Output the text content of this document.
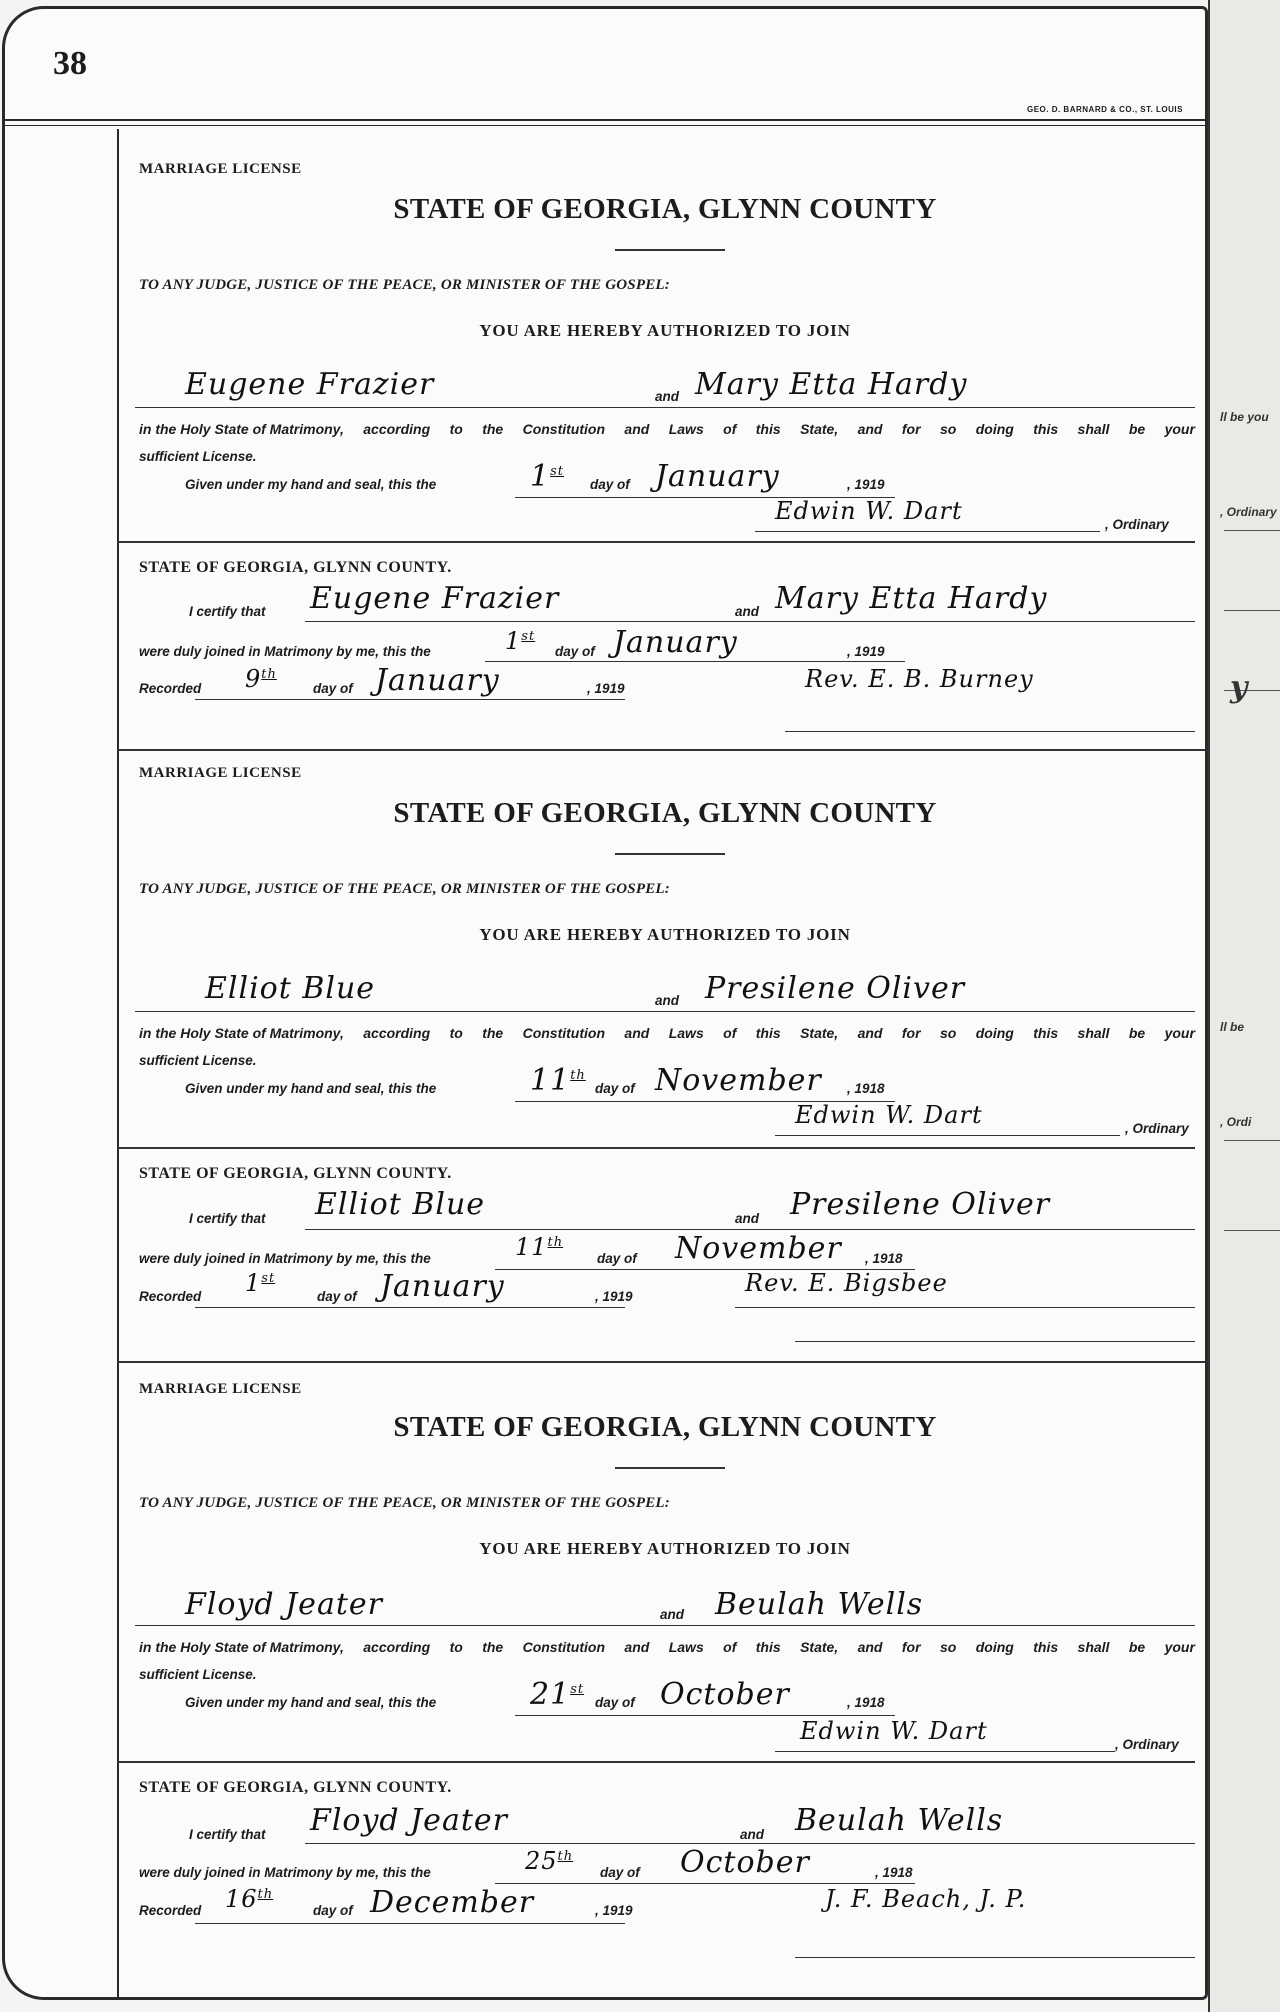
38
GEO. D. BARNARD & CO., ST. LOUIS
MARRIAGE LICENSE
STATE OF GEORGIA, GLYNN COUNTY
TO ANY JUDGE, JUSTICE OF THE PEACE, OR MINISTER OF THE GOSPEL:
YOU ARE HEREBY AUTHORIZED TO JOIN
Eugene Frazier	and Mary Etta Hardy
in the Holy State of Matrimony, according to the Constitution and Laws of this State, and for so doing this shall be your
sufficient License.
Given under my hand and seal, this the	1st
day of January	, 1919
Edwin W. Dart	, Ordinary
STATE OF GEORGIA, GLYNN COUNTY.
I certify that Eugene Frazier	and Mary Etta Hardy
were duly joined in Matrimony by me, this the	1st
day of January	, 1919
Recorded 9th
day of January	, 1919	Rev. E. B. Burney
MARRIAGE LICENSE
STATE OF GEORGIA, GLYNN COUNTY
TO ANY JUDGE, JUSTICE OF THE PEACE, OR MINISTER OF THE GOSPEL:
YOU ARE HEREBY AUTHORIZED TO JOIN
Elliot Blue	and Presilene Oliver
in the Holy State of Matrimony, according to the Constitution and Laws of this State, and for so doing this shall be your
sufficient License.
Given under my hand and seal, this the	11th
day of November , 1918
Edwin W. Dart	, Ordinary
STATE OF GEORGIA, GLYNN COUNTY.
I certify that Elliot Blue	and Presilene Oliver
were duly joined in Matrimony by me, this the	11th
day of November , 1918
Recorded 1st
day of January	, 1919	Rev. E. Bigsbee
MARRIAGE LICENSE
STATE OF GEORGIA, GLYNN COUNTY
TO ANY JUDGE, JUSTICE OF THE PEACE, OR MINISTER OF THE GOSPEL:
YOU ARE HEREBY AUTHORIZED TO JOIN
Floyd Jeater	and Beulah Wells
in the Holy State of Matrimony, according to the Constitution and Laws of this State, and for so doing this shall be your
sufficient License.
Given under my hand and seal, this the	21st
day of October	, 1918
Edwin W. Dart	, Ordinary
STATE OF GEORGIA, GLYNN COUNTY.
I certify that Floyd Jeater	and Beulah Wells
were duly joined in Matrimony by me, this the	25th
day of October	, 1918
Recorded 16th
day of December	, 1919	J. F. Beach, J. P.
ll be you
, Ordinary
ll be
, Ordi
y
